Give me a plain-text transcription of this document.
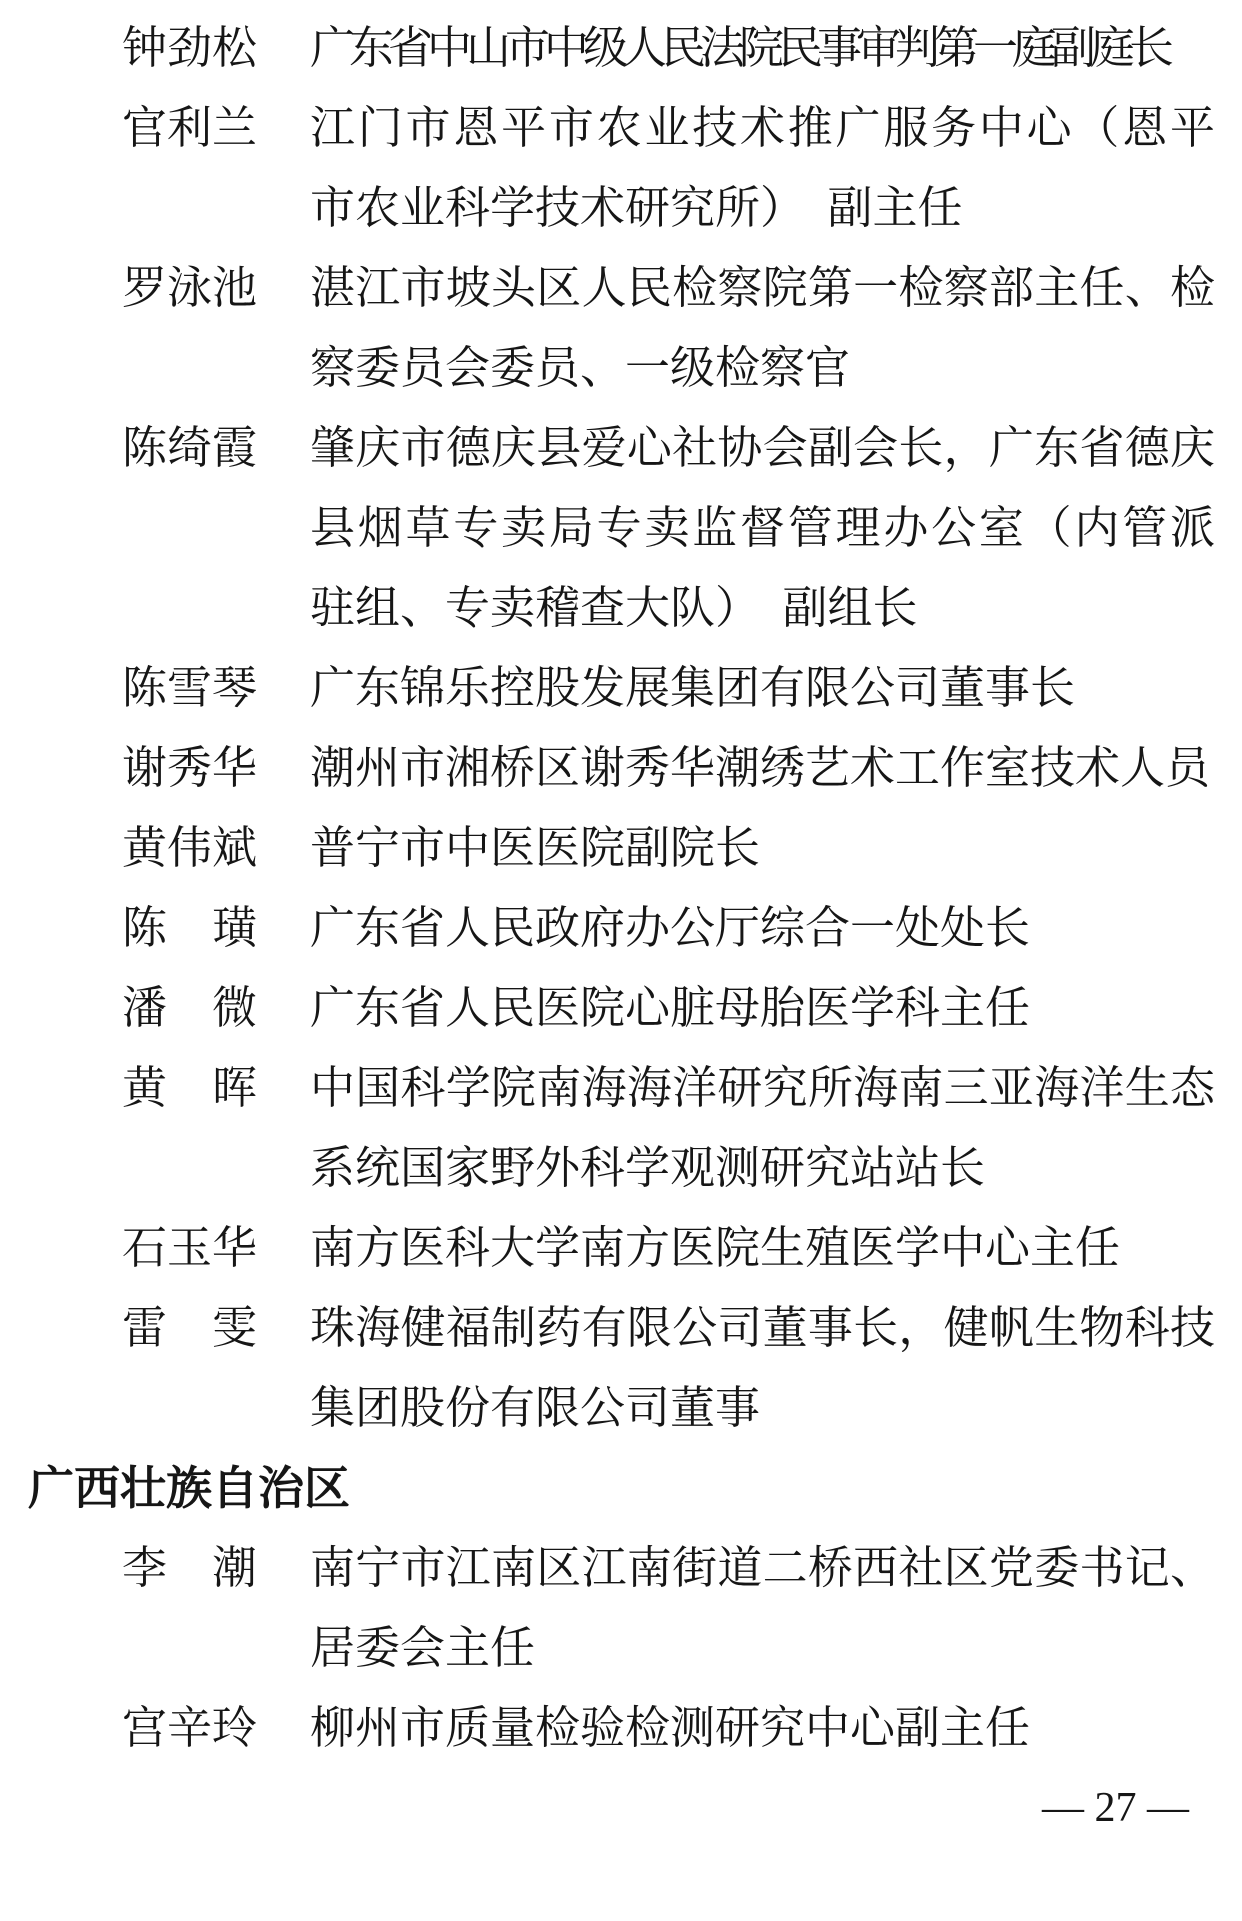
钟劲松 广东省中山市中级人民法院民事审判第一庭副庭长
官利兰 江门市恩平市农业技术推广服务中心（恩平
市农业科学技术研究所）　副主任
罗泳池 湛江市坡头区人民检察院第一检察部主任、检
察委员会委员、一级检察官
陈绮霞 肇庆市德庆县爱心社协会副会长，广东省德庆
县烟草专卖局专卖监督管理办公室（内管派
驻组、专卖稽查大队）　副组长
陈雪琴 广东锦乐控股发展集团有限公司董事长
谢秀华 潮州市湘桥区谢秀华潮绣艺术工作室技术人员
黄伟斌 普宁市中医医院副院长
陈璜 广东省人民政府办公厅综合一处处长
潘微 广东省人民医院心脏母胎医学科主任
黄晖 中国科学院南海海洋研究所海南三亚海洋生态
系统国家野外科学观测研究站站长
石玉华 南方医科大学南方医院生殖医学中心主任
雷雯 珠海健福制药有限公司董事长，健帆生物科技
集团股份有限公司董事
广西壮族自治区
李潮 南宁市江南区江南街道二桥西社区党委书记、
居委会主任
宫辛玲 柳州市质量检验检测研究中心副主任
— 27 —
